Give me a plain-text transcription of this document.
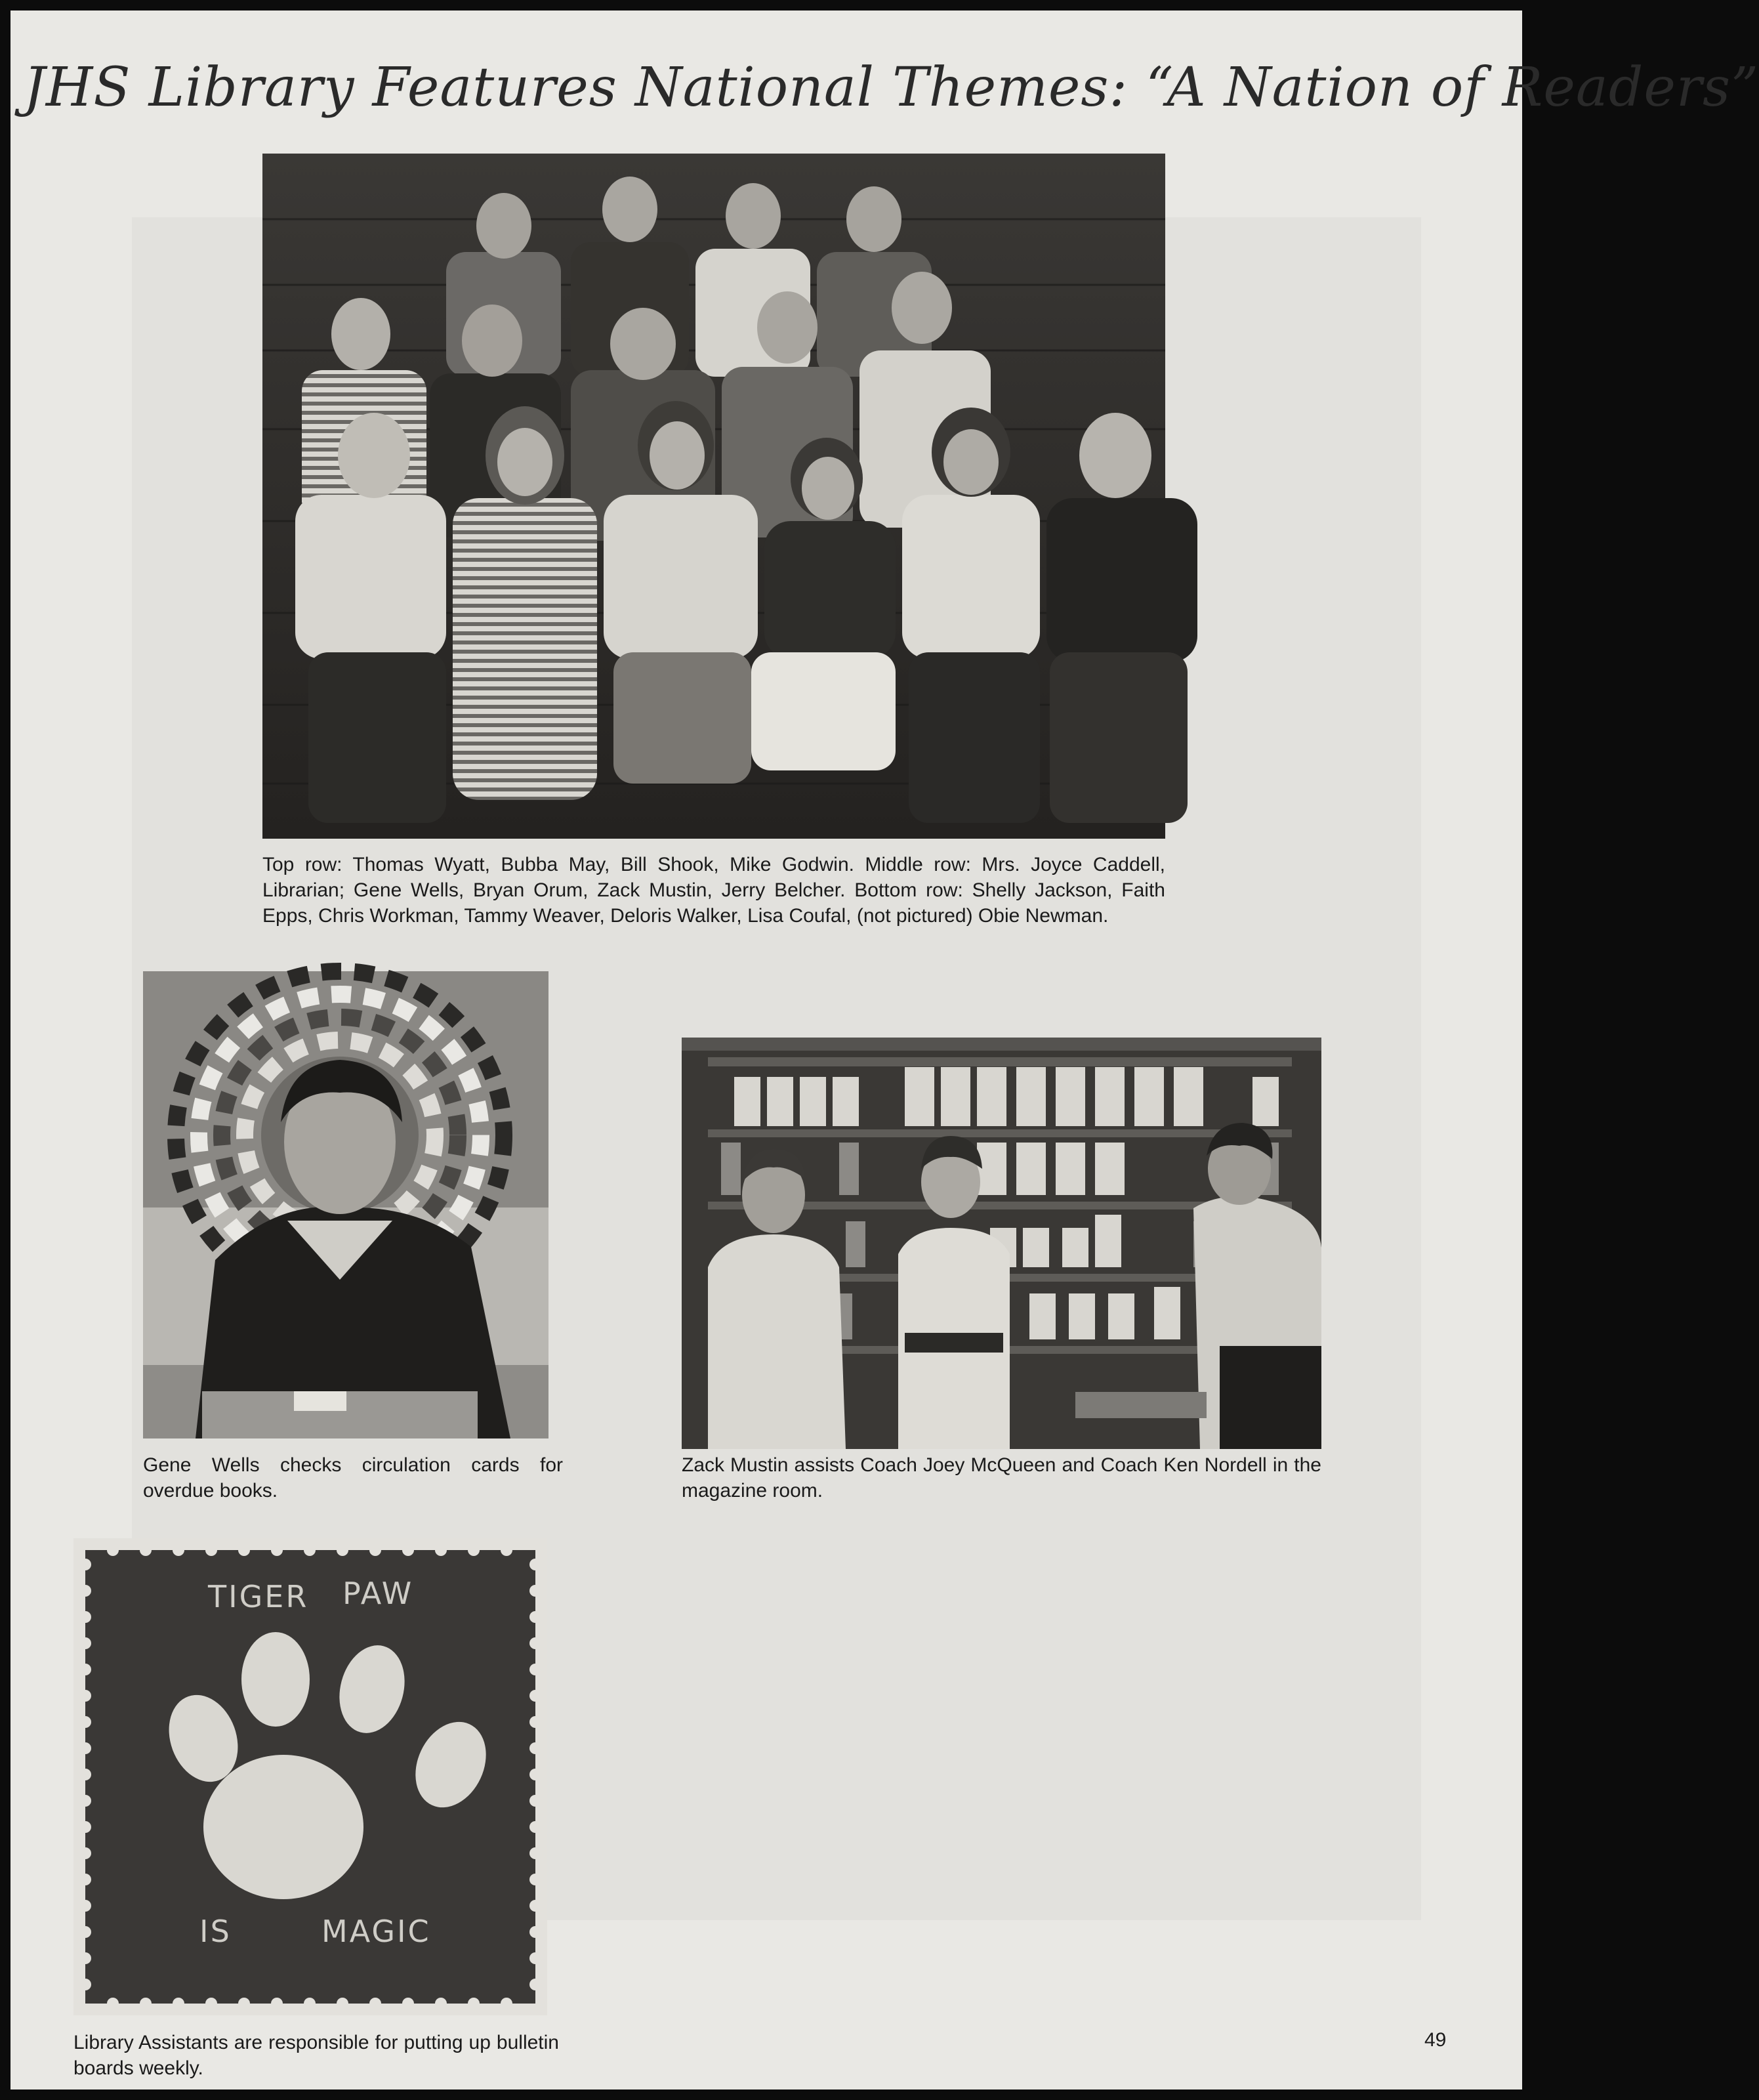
JHS Library Features National Themes: “A Nation of Readers”
Top row: Thomas Wyatt, Bubba May, Bill Shook, Mike Godwin. Middle row: Mrs. Joyce Caddell, Librarian; Gene Wells, Bryan Orum, Zack Mustin, Jerry Belcher. Bottom row: Shelly Jackson, Faith Epps, Chris Workman, Tammy Weaver, Deloris Walker, Lisa Coufal, (not pictured) Obie Newman.
Gene Wells checks circulation cards for overdue books.
Zack Mustin assists Coach Joey McQueen and Coach Ken Nordell in the magazine room.
TIGER PAW
IS	MAGIC
Library Assistants are responsible for putting up bulletin boards weekly.
49
